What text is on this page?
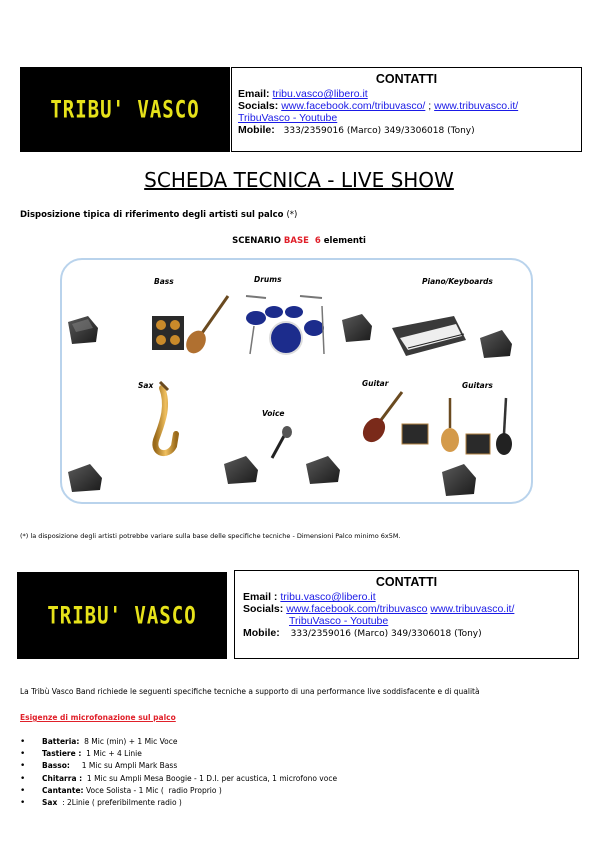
TRIBU' VASCO
CONTATTI
Email: tribu.vasco@libero.it
Socials: www.facebook.com/tribuvasco/ ; www.tribuvasco.it/
TribuVasco - Youtube
Mobile: 333/2359016 (Marco) 349/3306018 (Tony)
SCHEDA TECNICA - LIVE SHOW
Disposizione tipica di riferimento degli artisti sul palco (*)
SCENARIO BASE 6 elementi
Bass	Drums	Piano/Keyboards
Sax
Voice
Guitar	Guitars
(*) la disposizione degli artisti potrebbe variare sulla base delle specifiche tecniche - Dimensioni Palco minimo 6x5M.
TRIBU' VASCO
CONTATTI
Email : tribu.vasco@libero.it
Socials: www.facebook.com/tribuvasco www.tribuvasco.it/
TribuVasco - Youtube
Mobile: 333/2359016 (Marco) 349/3306018 (Tony)
La Tribù Vasco Band richiede le seguenti specifiche tecniche a supporto di una performance live soddisfacente e di qualità
Esigenze di microfonazione sul palco
• Batteria:  8 Mic (min) + 1 Mic Voce
• Tastiere :  1 Mic + 4 Linie
• Basso:     1 Mic su Ampli Mark Bass
• Chitarra :  1 Mic su Ampli Mesa Boogie - 1 D.I. per acustica, 1 microfono voce
• Cantante: Voce Solista - 1 Mic (  radio Proprio )
• Sax  : 2Linie ( preferibilmente radio )
